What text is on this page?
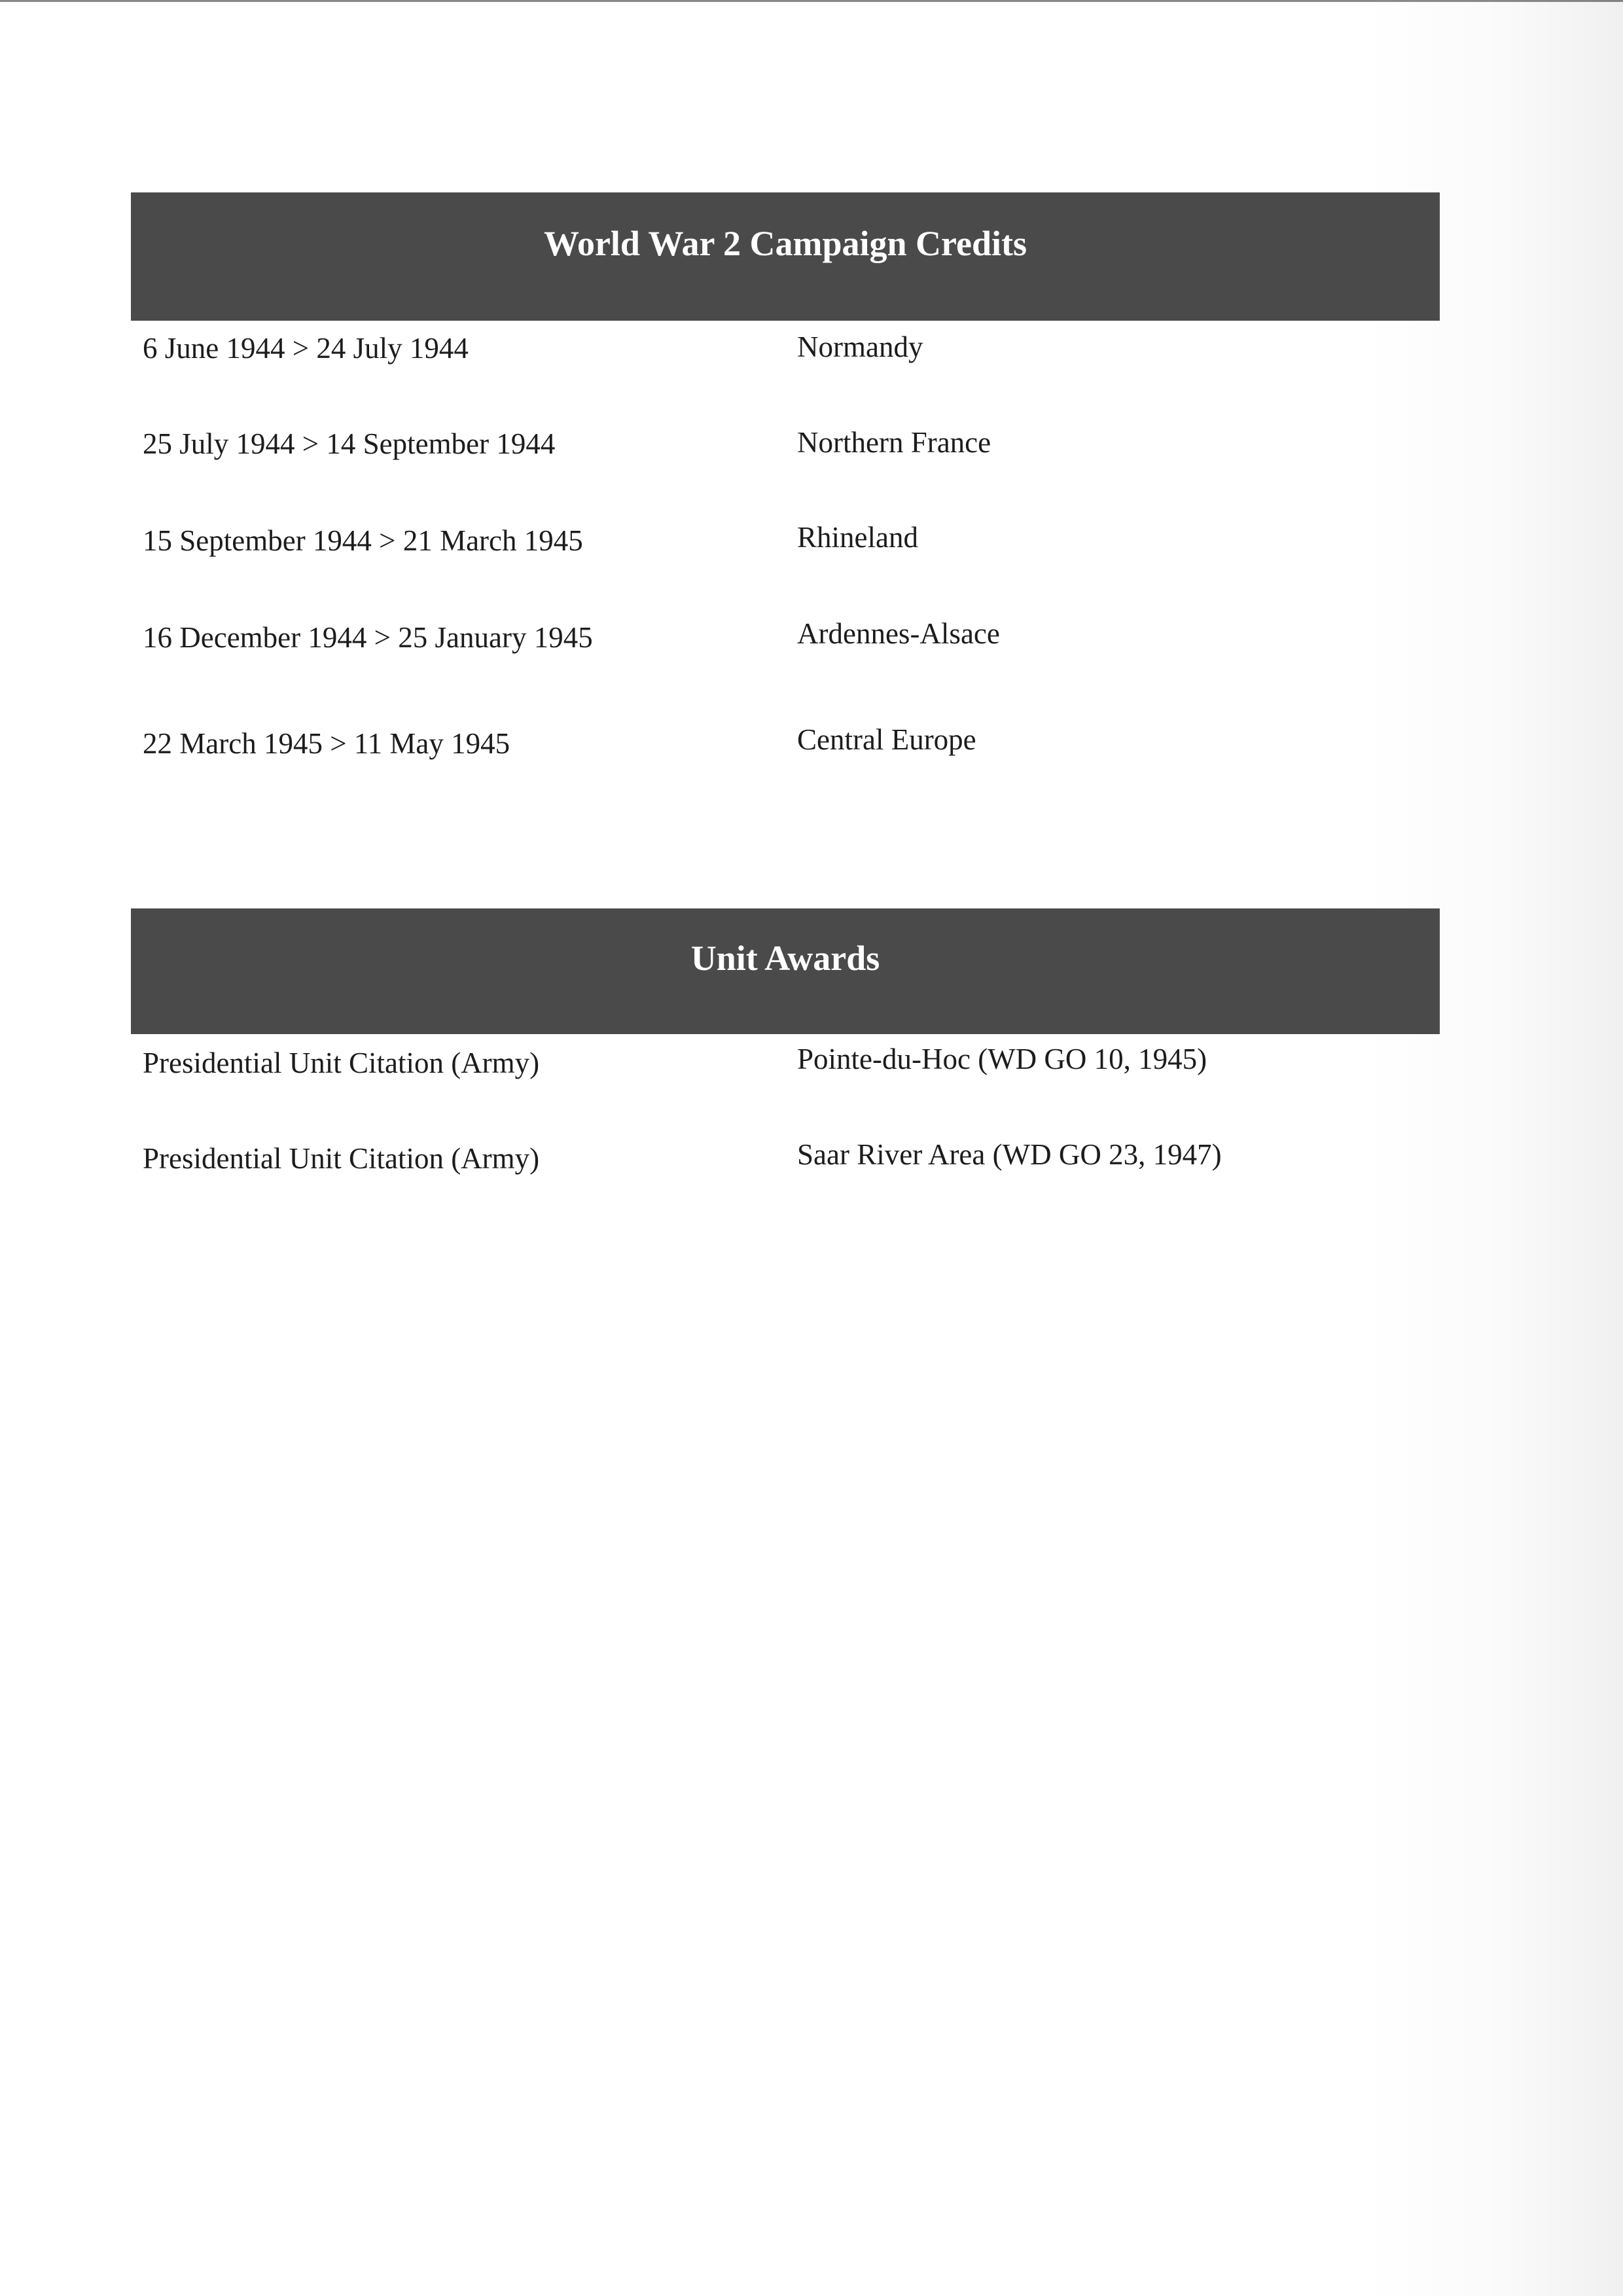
World War 2 Campaign Credits
6 June 1944 > 24 July 1944	Normandy
25 July 1944 > 14 September 1944	Northern France
15 September 1944 > 21 March 1945	Rhineland
16 December 1944 > 25 January 1945	Ardennes-Alsace
22 March 1945 > 11 May 1945	Central Europe
Unit Awards
Presidential Unit Citation (Army)	Pointe-du-Hoc (WD GO 10, 1945)
Presidential Unit Citation (Army)	Saar River Area (WD GO 23, 1947)
